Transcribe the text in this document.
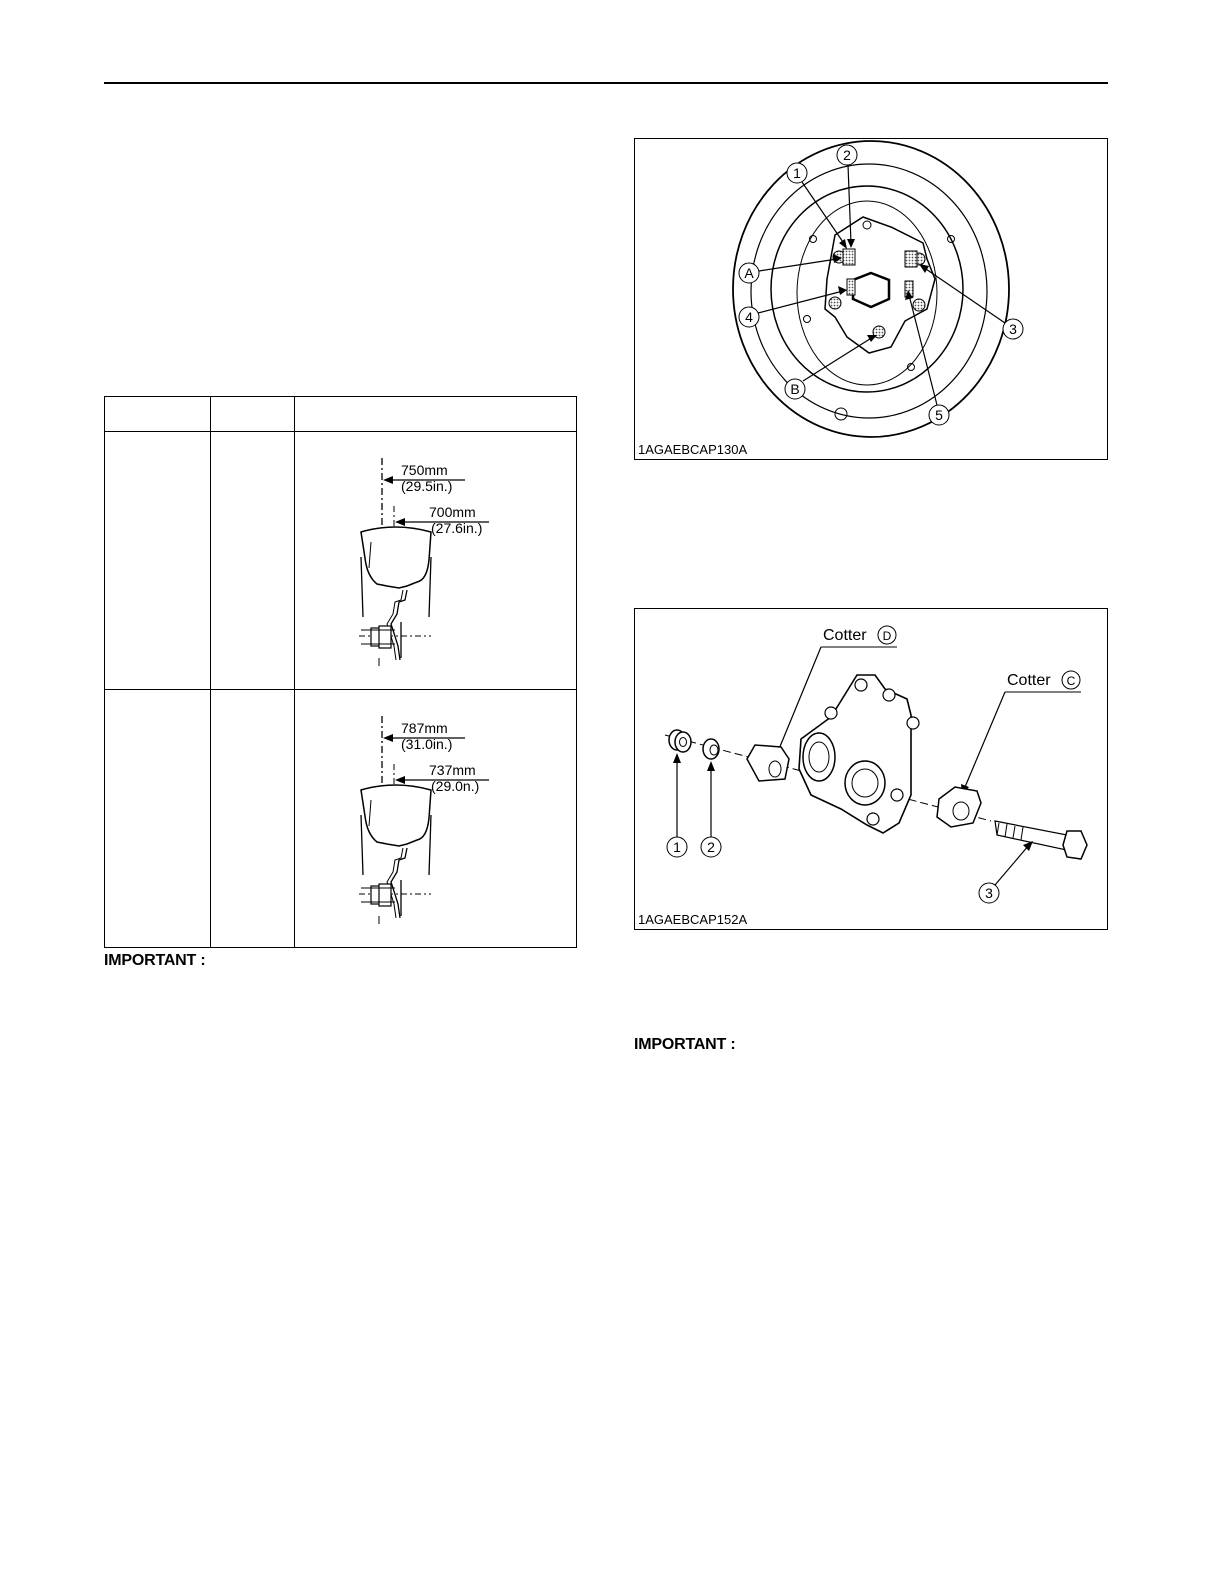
750mm
(29.5in.)
700mm
(27.6in.)

787mm
(31.0in.)
737mm
(29.0n.)
IMPORTANT :
1
2
3
4
5
A
B
1AGAEBCAP130A
Cotter D
Cotter C
1 2
3
1AGAEBCAP152A
IMPORTANT :
